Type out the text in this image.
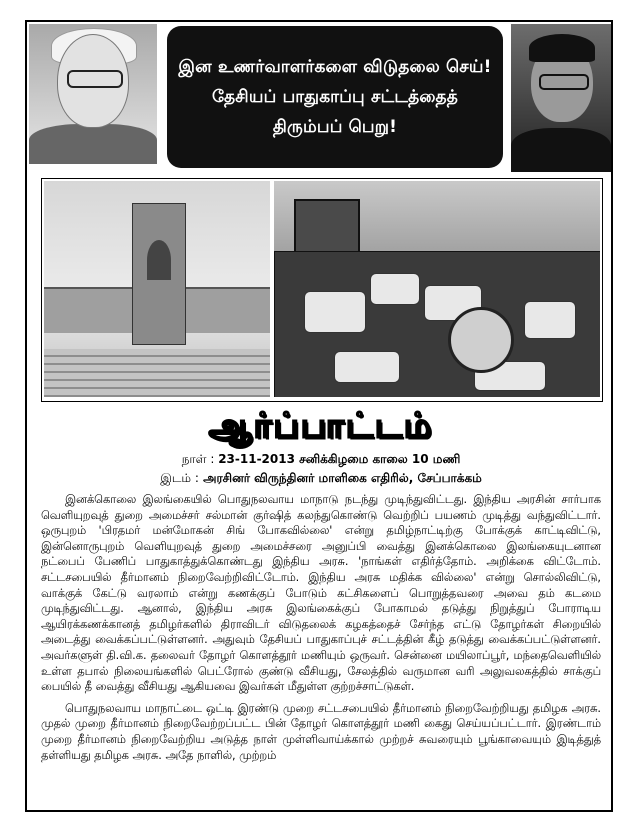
இன உணர்வாளர்களை விடுதலை செய்!
தேசியப் பாதுகாப்பு சட்டத்தைத்
திரும்பப் பெறு!
ஆர்ப்பாட்டம்
நாள் : 23-11-2013 சனிக்கிழமை காலை 10 மணி
இடம் : அரசினர் விருந்தினர் மாளிகை எதிரில், சேப்பாக்கம்

இனக்கொலை இலங்கையில் பொதுநலவாய மாநாடு நடந்து முடிந்துவிட்டது. இந்திய அரசின் சார்பாக வெளியுறவுத் துறை அமைச்சர் சல்மான் குர்ஷித் கலந்துகொண்டு வெற்றிப் பயணம் முடித்து வந்துவிட்டார். ஒருபுறம் 'பிரதமர் மன்மோகன் சிங் போகவில்லை' என்று தமிழ்நாட்டிற்கு போக்குக் காட்டிவிட்டு, இன்னொருபுறம் வெளியுறவுத் துறை அமைச்சரை அனுப்பி வைத்து இனக்கொலை இலங்கையுடனான நட்பைப் பேணிப் பாதுகாத்துக்கொண்டது இந்திய அரசு. 'நாங்கள் எதிர்த்தோம். அறிக்கை விட்டோம். சட்டசபையில் தீர்மானம் நிறைவேற்றிவிட்டோம். இந்திய அரசு மதிக்க வில்லை' என்று சொல்லிவிட்டு, வாக்குக் கேட்டு வரலாம் என்று கணக்குப் போடும் கட்சிகளைப் பொறுத்தவரை அவை தம் கடமை முடிந்துவிட்டது. ஆனால், இந்திய அரசு இலங்கைக்குப் போகாமல் தடுத்து நிறுத்துப் போராடிய ஆயிரக்கணக்கானத் தமிழர்களில் திராவிடர் விடுதலைக் கழகத்தைச் சேர்ந்த எட்டு தோழர்கள் சிறையில் அடைத்து வைக்கப்பட்டுள்ளனர். அதுவும் தேசியப் பாதுகாப்புச் சட்டத்தின் கீழ் தடுத்து வைக்கப்பட்டுள்ளனர். அவர்களுள் தி.வி.க. தலைவர் தோழர் கொளத்தூர் மணியும் ஒருவர். சென்னை மயிலாப்பூர், மந்தைவெளியில் உள்ள தபால் நிலையங்களில் பெட்ரோல் குண்டு வீசியது, சேலத்தில் வருமான வரி அலுவலகத்தில் சாக்குப் பையில் தீ வைத்து வீசியது ஆகியவை இவர்கள் மீதுள்ள குற்றச்சாட்டுகள்.

பொதுநலவாய மாநாட்டை ஒட்டி இரண்டு முறை சட்டசபையில் தீர்மானம் நிறைவேற்றியது தமிழக அரசு. முதல் முறை தீர்மானம் நிறைவேற்றப்பட்ட பின் தோழர் கொளத்தூர் மணி கைது செய்யப்பட்டார். இரண்டாம் முறை தீர்மானம் நிறைவேற்றிய அடுத்த நாள் முள்ளிவாய்க்கால் முற்றச் சுவரையும் பூங்காவையும் இடித்துத் தள்ளியது தமிழக அரசு. அதே நாளில், முற்றம்
